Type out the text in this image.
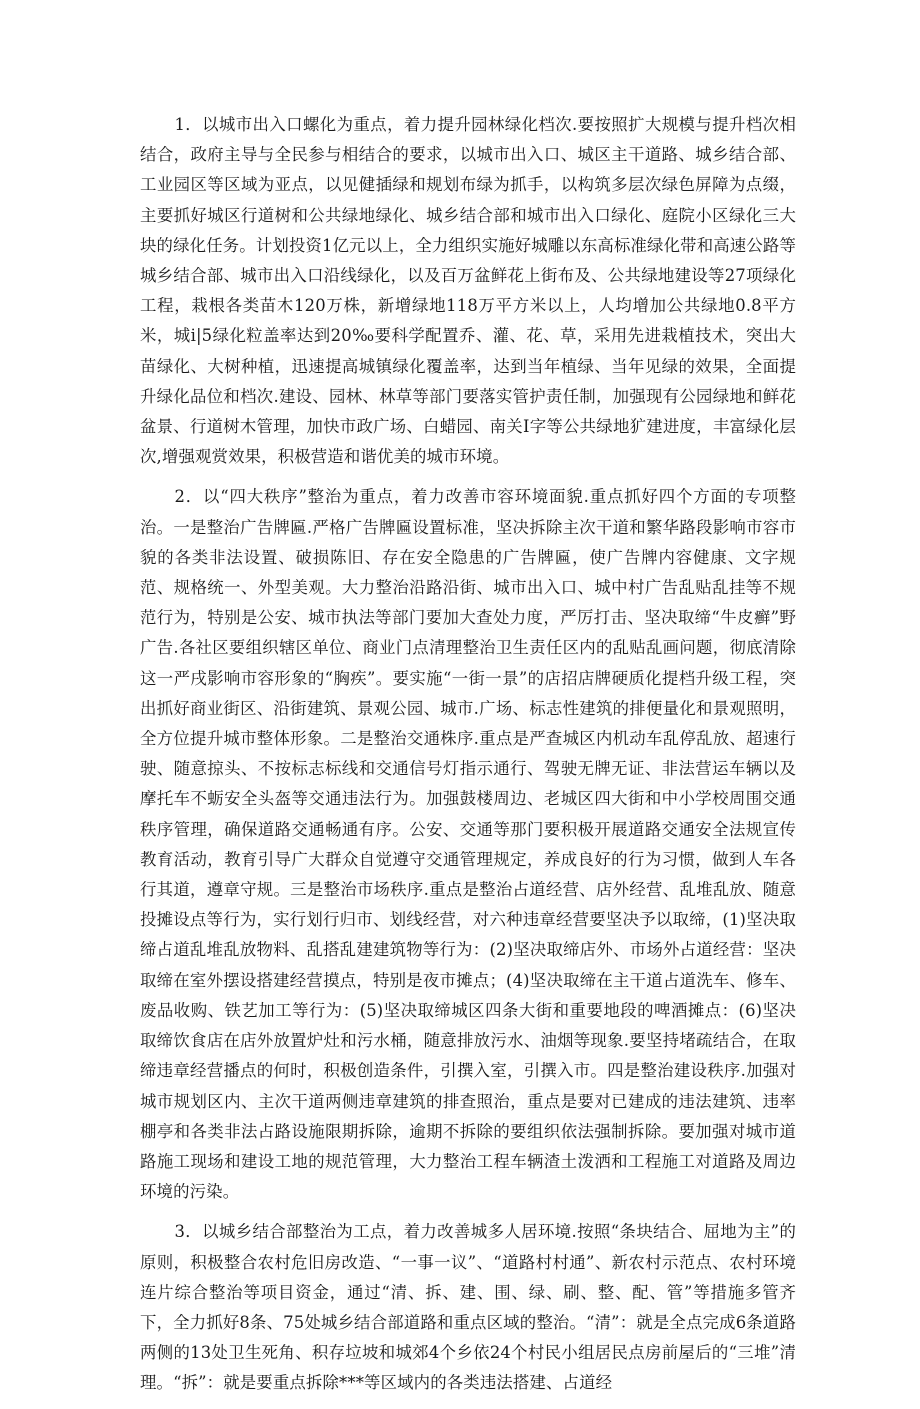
1．以城市出入口螺化为重点，着力提升园林绿化档次.要按照扩大规模与提升档次相结合，政府主导与全民参与相结合的要求，以城市出入口、城区主干道路、城乡结合部、工业园区等区域为亚点，以见健插绿和规划布绿为抓手，以构筑多层次绿色屏障为点缀，主要抓好城区行道树和公共绿地绿化、城乡结合部和城市出入口绿化、庭院小区绿化三大块的绿化任务。计划投资1亿元以上，全力组织实施好城雕以东高标准绿化带和高速公路等城乡结合部、城市出入口沿线绿化，以及百万盆鲜花上街布及、公共绿地建设等27项绿化工程，栽根各类苗木120万株，新增绿地118万平方米以上，人均增加公共绿地0.8平方米，城i|5绿化粒盖率达到20‰要科学配置乔、灌、花、草，采用先进栽植技术，突出大苗绿化、大树种植，迅速提高城镇绿化覆盖率，达到当年植绿、当年见绿的效果，全面提升绿化品位和档次.建设、园林、林草等部门要落实管护责任制，加强现有公园绿地和鲜花盆景、行道树木管理，加快市政广场、白蜡园、南关I字等公共绿地犷建进度，丰富绿化层次,增强观赏效果，积极营造和谐优美的城市环境。

2．以“四大秩序”整治为重点，着力改善市容环境面貌.重点抓好四个方面的专项整治。一是整治广告牌匾.严格广告牌匾设置标准，坚决拆除主次干道和繁华路段影响市容市貌的各类非法设置、破损陈旧、存在安全隐患的广告牌匾，使广告牌内容健康、文字规范、规格统一、外型美观。大力整治沿路沿街、城市出入口、城中村广告乱贴乱挂等不规范行为，特别是公安、城市执法等部门要加大查处力度，严厉打击、坚决取缔“牛皮癣”野广告.各社区要组织辖区单位、商业门点清理整治卫生责任区内的乱贴乱画问题，彻底清除这一严戌影响市容形象的“胸疾”。要实施“一街一景”的店招店牌硬质化提档升级工程，突出抓好商业街区、沿街建筑、景观公园、城市.广场、标志性建筑的排便量化和景观照明，全方位提升城市整体形象。二是整治交通株序.重点是严查城区内机动车乱停乱放、超速行驶、随意掠头、不按标志标线和交通信号灯指示通行、驾驶无牌无证、非法营运车辆以及摩托车不蛎安全头盔等交通违法行为。加强鼓楼周边、老城区四大街和中小学校周围交通秩序管理，确保道路交通畅通有序。公安、交通等那门要积极开展道路交通安全法规宣传教育活动，教育引导广大群众自觉遵守交通管理规定，养成良好的行为习惯，做到人车各行其道，遵章守规。三是整治市场秩序.重点是整治占道经营、店外经营、乱堆乱放、随意投摊设点等行为，实行划行归市、划线经营，对六种违章经营要坚决予以取缔，(1)坚决取缔占道乱堆乱放物料、乱搭乱建建筑物等行为：(2)坚决取缔店外、市场外占道经营：坚决取缔在室外摆设搭建经营摸点，特别是夜市摊点；(4)坚决取缔在主干道占道洗车、修车、废品收购、铁艺加工等行为：(5)坚决取缔城区四条大街和重要地段的啤酒摊点：(6)坚决取缔饮食店在店外放置炉灶和污水桶，随意排放污水、油烟等现象.要坚持堵疏结合，在取缔违章经营播点的何时，积极创造条件，引撰入室，引撰入市。四是整治建设秩序.加强对城市规划区内、主次干道两侧违章建筑的排查照治，重点是要对已建成的违法建筑、违率棚亭和各类非法占路设施限期拆除，逾期不拆除的要组织依法强制拆除。要加强对城市道路施工现场和建设工地的规范管理，大力整治工程车辆渣土泼洒和工程施工对道路及周边环境的污染。

3．以城乡结合部整治为工点，着力改善城多人居环境.按照“条块结合、屈地为主”的原则，积极整合农村危旧房改造、“一事一议”、“道路村村通”、新农村示范点、农村环境连片综合整治等项目资金，通过“清、拆、建、围、绿、刷、整、配、管”等措施多管齐下，全力抓好8条、75处城乡结合部道路和重点区域的整治。“清”：就是全点完成6条道路两侧的13处卫生死角、积存垃坡和城郊4个乡依24个村民小组居民点房前屋后的“三堆”清理。“拆”：就是要重点拆除***等区域内的各类违法搭建、占道经
